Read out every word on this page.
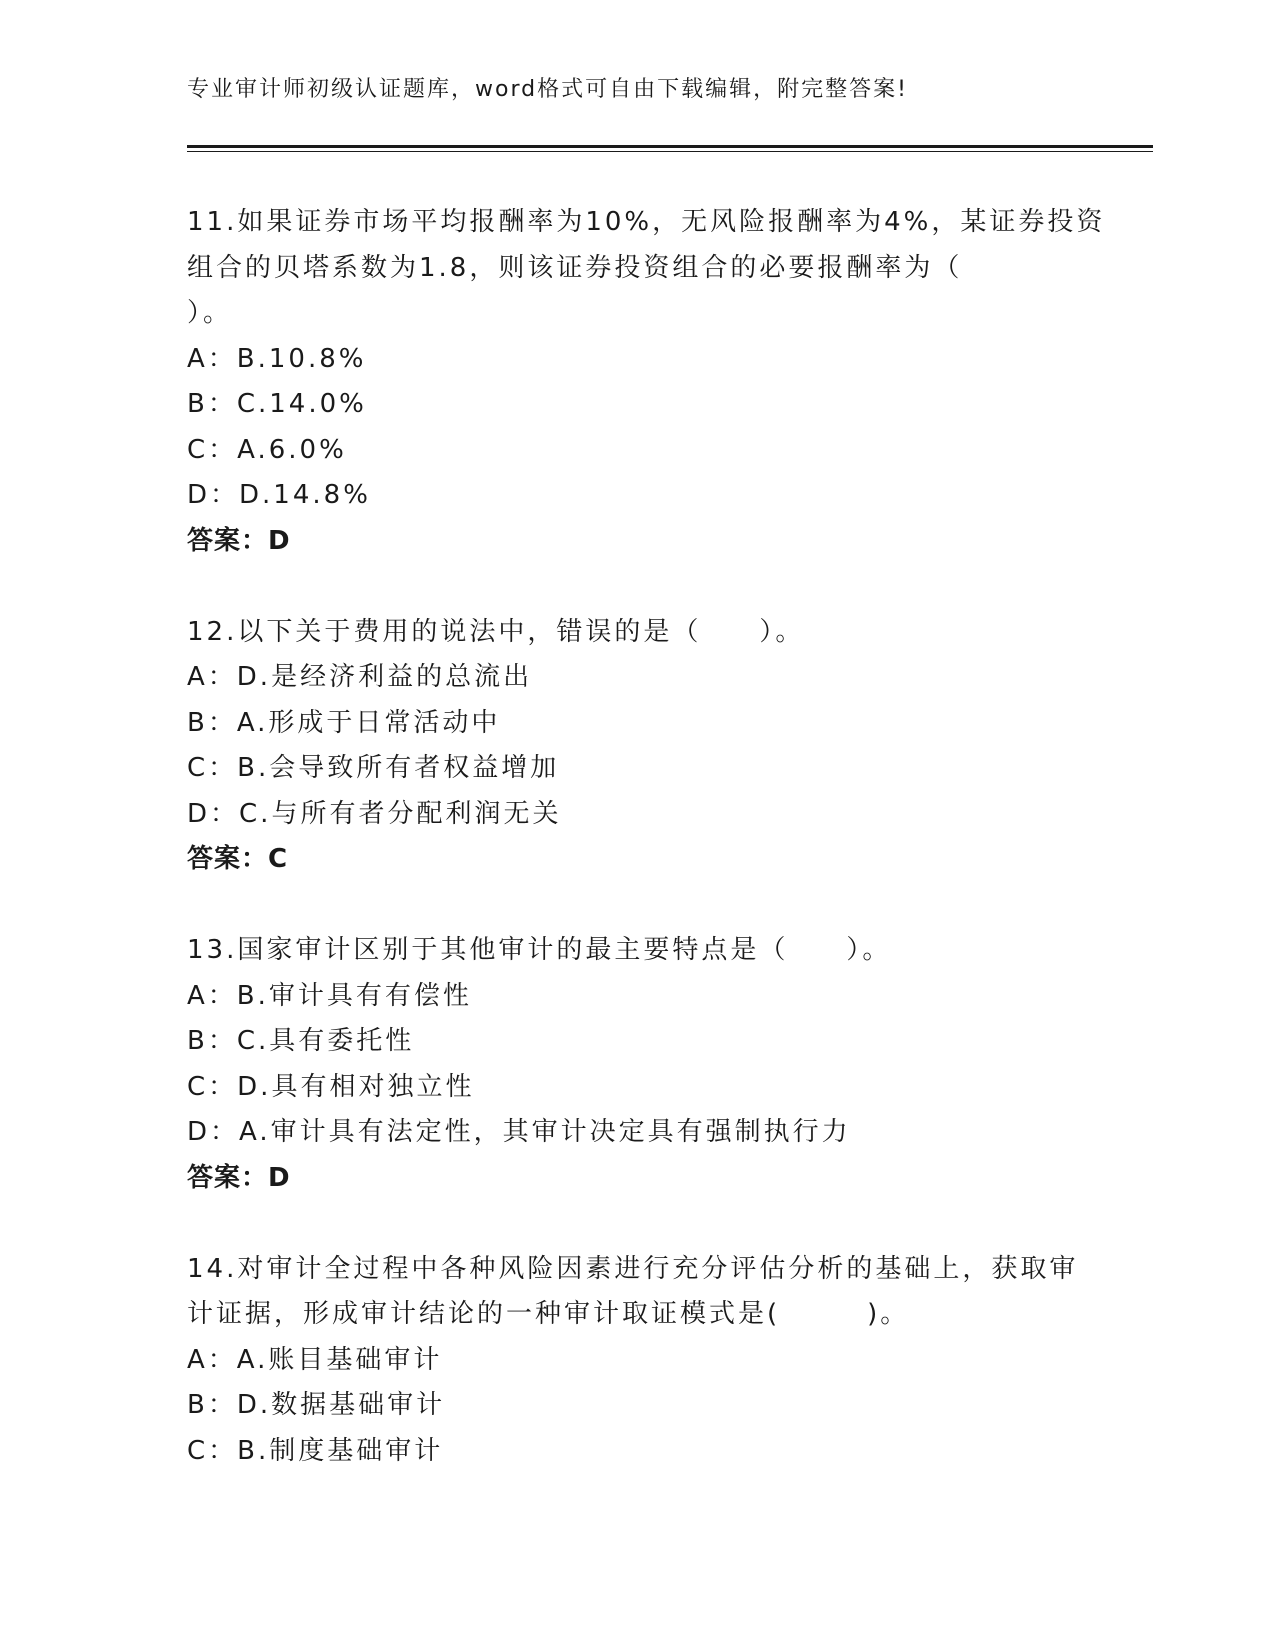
专业审计师初级认证题库，word格式可自由下载编辑，附完整答案!
11.如果证券市场平均报酬率为10%，无风险报酬率为4%，某证券投资
组合的贝塔系数为1.8，则该证券投资组合的必要报酬率为（
）。
A：B.10.8%
B：C.14.0%
C：A.6.0%
D：D.14.8%
答案：D
12.以下关于费用的说法中，错误的是（　　）。
A：D.是经济利益的总流出
B：A.形成于日常活动中
C：B.会导致所有者权益增加
D：C.与所有者分配利润无关
答案：C
13.国家审计区别于其他审计的最主要特点是（　　）。
A：B.审计具有有偿性
B：C.具有委托性
C：D.具有相对独立性
D：A.审计具有法定性，其审计决定具有强制执行力
答案：D
14.对审计全过程中各种风险因素进行充分评估分析的基础上，获取审
计证据，形成审计结论的一种审计取证模式是(　　　)。
A：A.账目基础审计
B：D.数据基础审计
C：B.制度基础审计
